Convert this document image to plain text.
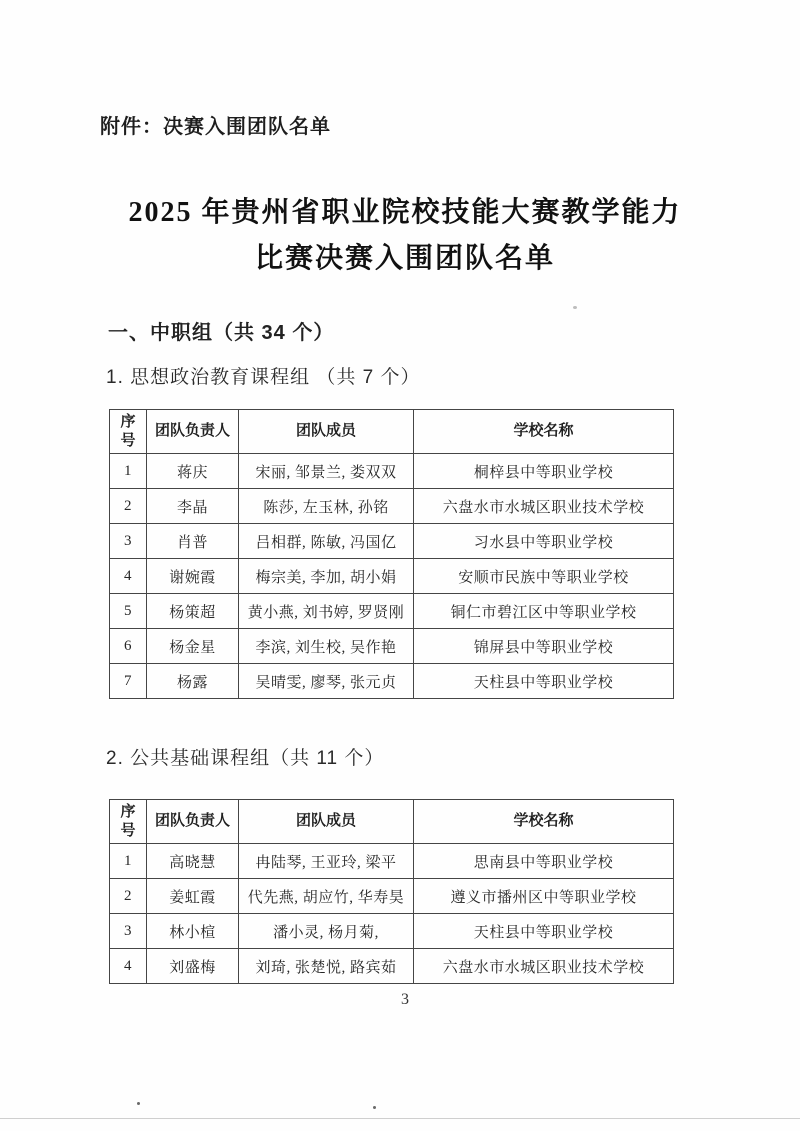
附件：决赛入围团队名单
2025 年贵州省职业院校技能大赛教学能力
比赛决赛入围团队名单
一、中职组（共 34 个）
1. 思想政治教育课程组 （共 7 个）
序号	团队负责人	团队成员	学校名称
1	蒋庆	宋丽, 邹景兰, 娄双双	桐梓县中等职业学校
2	李晶	陈莎, 左玉林, 孙铭	六盘水市水城区职业技术学校
3	肖普	吕相群, 陈敏, 冯国亿	习水县中等职业学校
4	谢婉霞	梅宗美, 李加, 胡小娟	安顺市民族中等职业学校
5	杨策超	黄小燕, 刘书婷, 罗贤刚	铜仁市碧江区中等职业学校
6	杨金星	李滨, 刘生校, 吴作艳	锦屏县中等职业学校
7	杨露	吴晴雯, 廖琴, 张元贞	天柱县中等职业学校
2. 公共基础课程组（共 11 个）
序号	团队负责人	团队成员	学校名称
1	高晓慧	冉陆琴, 王亚玲, 梁平	思南县中等职业学校
2	姜虹霞	代先燕, 胡应竹, 华寿昊	遵义市播州区中等职业学校
3	林小楦	潘小灵, 杨月菊,	天柱县中等职业学校
4	刘盛梅	刘琦, 张楚悦, 路宾茹	六盘水市水城区职业技术学校
3
